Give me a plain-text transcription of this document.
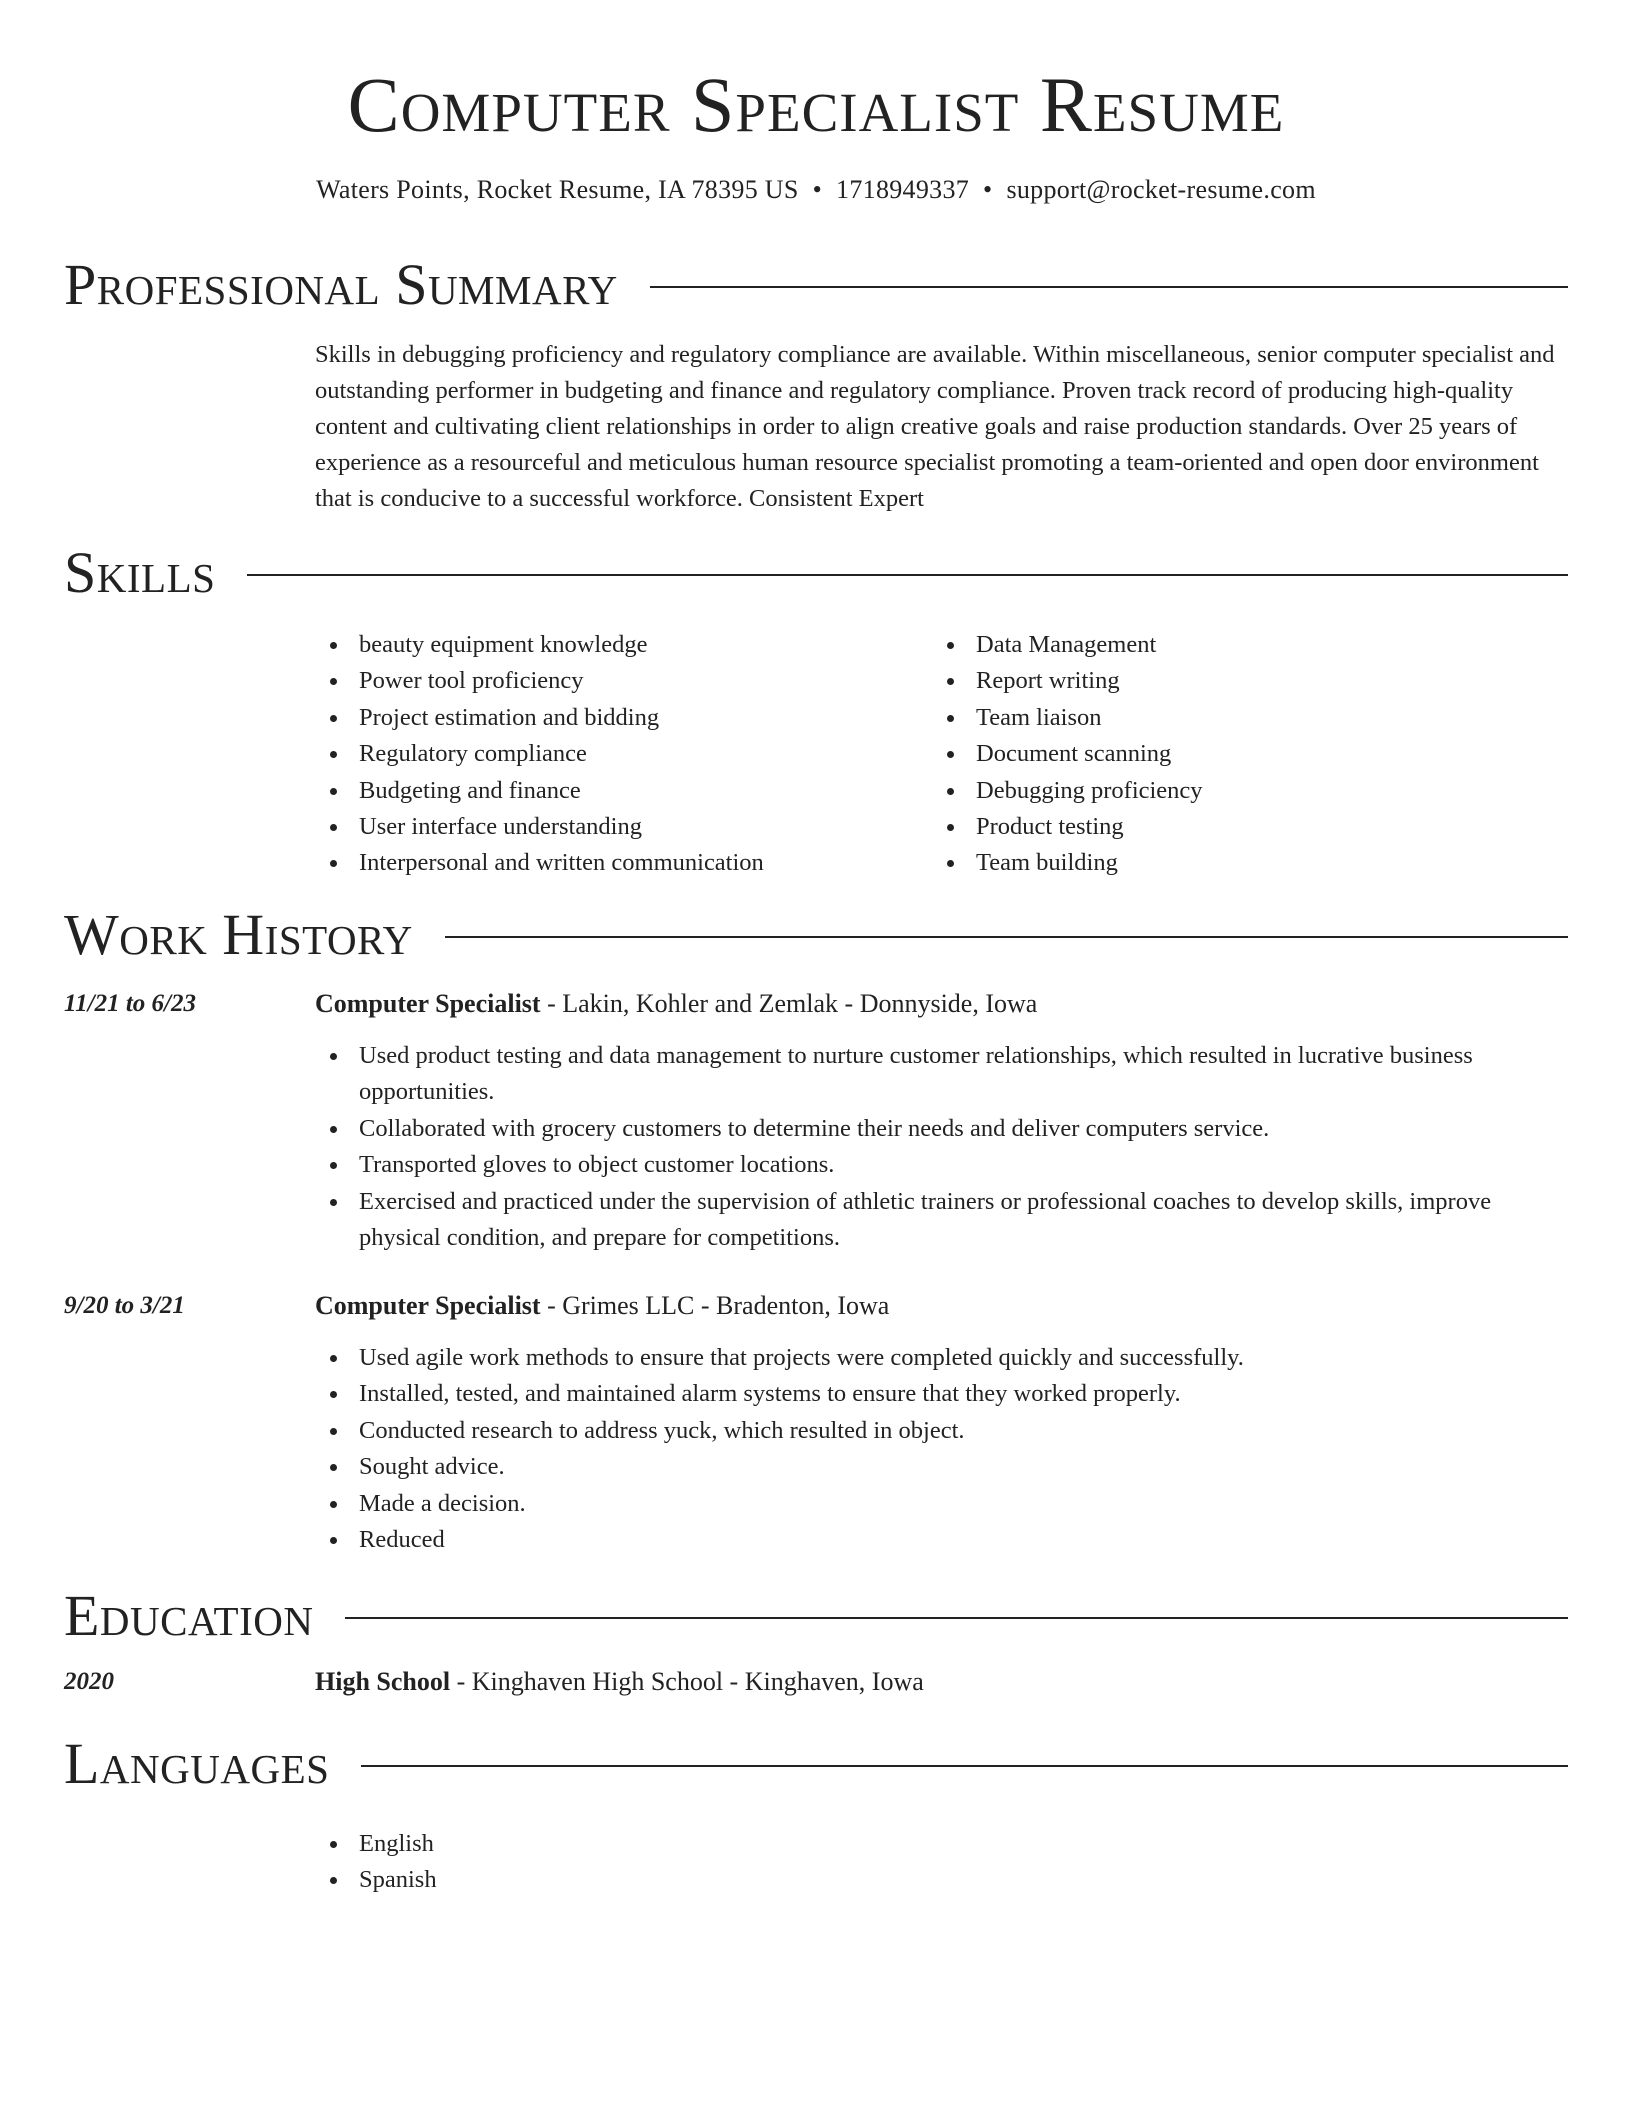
Computer Specialist Resume
Waters Points, Rocket Resume, IA 78395 US • 1718949337 • support@rocket-resume.com
Professional Summary

Skills in debugging proficiency and regulatory compliance are available. Within miscellaneous, senior computer specialist and outstanding performer in budgeting and finance and regulatory compliance. Proven track record of producing high-quality content and cultivating client relationships in order to align creative goals and raise production standards. Over 25 years of experience as a resourceful and meticulous human resource specialist promoting a team-oriented and open door environment that is conducive to a successful workforce. Consistent Expert

Skills
beauty equipment knowledge
Power tool proficiency
Project estimation and bidding
Regulatory compliance
Budgeting and finance
User interface understanding
Interpersonal and written communication
Data Management
Report writing
Team liaison
Document scanning
Debugging proficiency
Product testing
Team building
Work History
11/21 to 6/23	Computer Specialist - Lakin, Kohler and Zemlak - Donnyside, Iowa
Used product testing and data management to nurture customer relationships, which resulted in lucrative business opportunities.
Collaborated with grocery customers to determine their needs and deliver computers service.
Transported gloves to object customer locations.
Exercised and practiced under the supervision of athletic trainers or professional coaches to develop skills, improve physical condition, and prepare for competitions.
9/20 to 3/21	Computer Specialist - Grimes LLC - Bradenton, Iowa
Used agile work methods to ensure that projects were completed quickly and successfully.
Installed, tested, and maintained alarm systems to ensure that they worked properly.
Conducted research to address yuck, which resulted in object.
Sought advice.
Made a decision.
Reduced
Education
2020	High School - Kinghaven High School - Kinghaven, Iowa
Languages
English
Spanish
